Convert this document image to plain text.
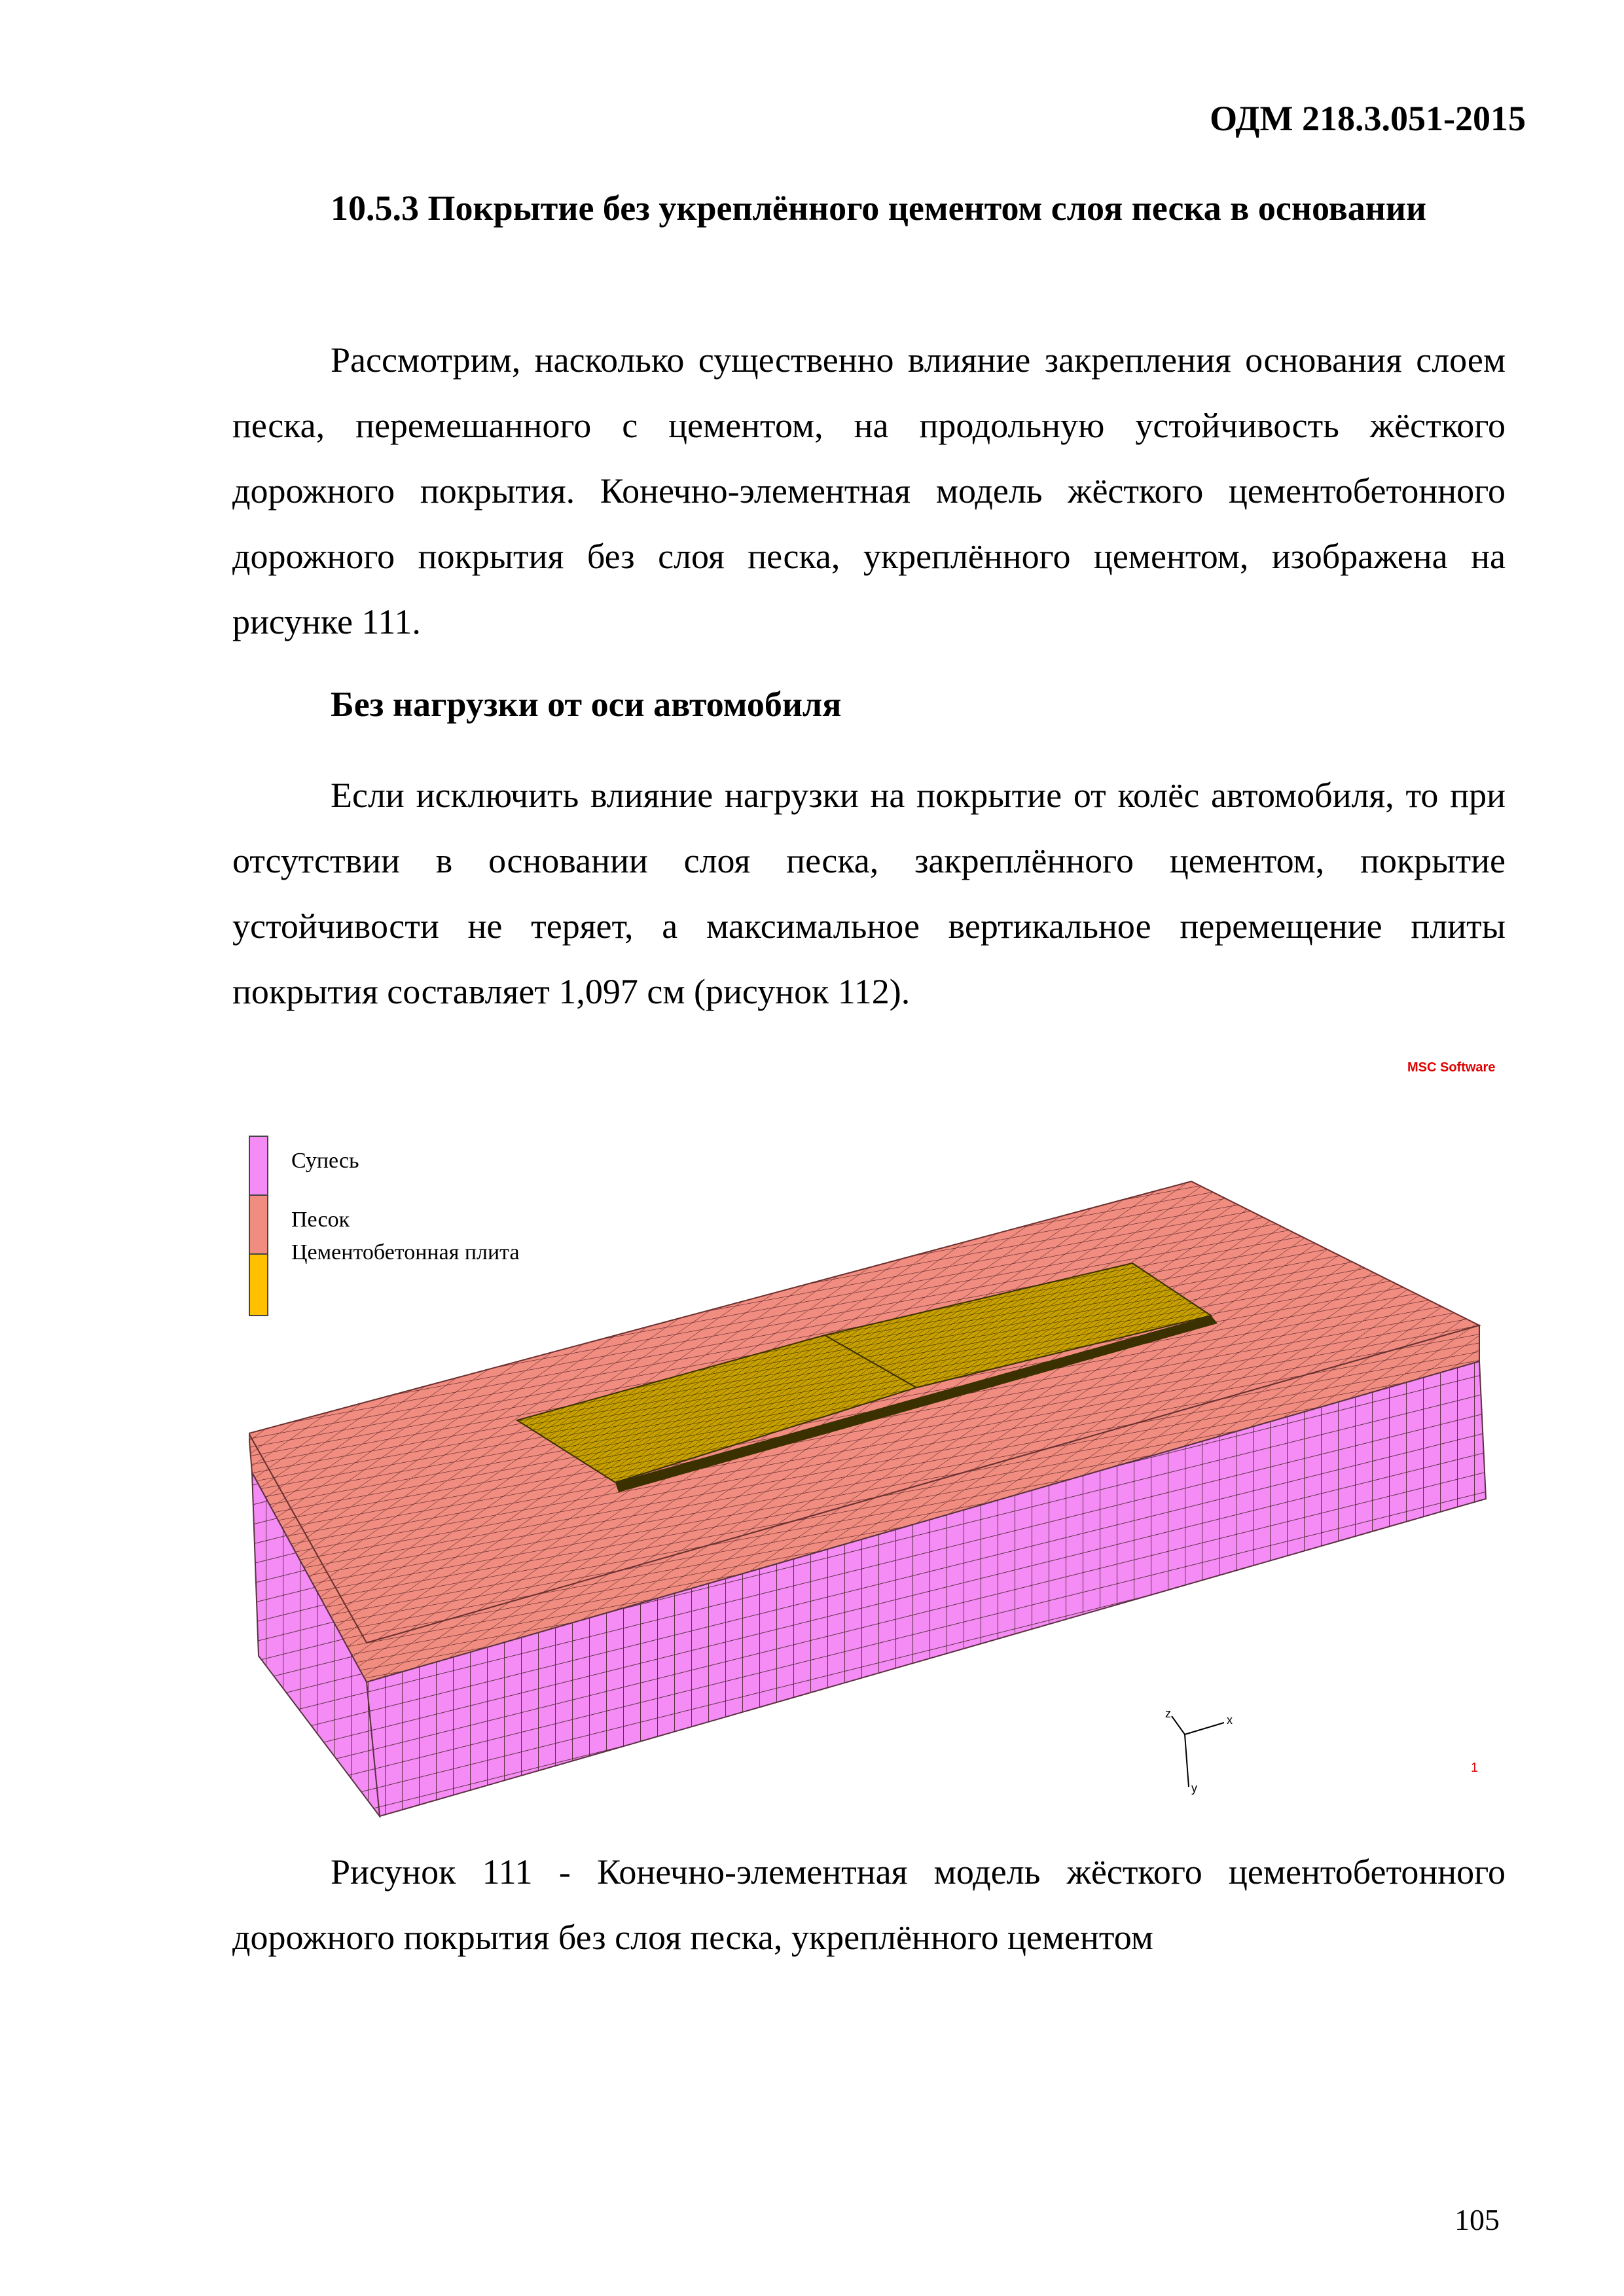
ОДМ 218.3.051-2015

10.5.3 Покрытие без укреплённого цементом слоя песка в основании

Рассмотрим, насколько существенно влияние закрепления основания слоем песка, перемешанного с цементом, на продольную устойчивость жёсткого дорожного покрытия. Конечно-элементная модель жёсткого цементобетонного дорожного покрытия без слоя песка, укреплённого цементом, изображена на рисунке 111.

Без нагрузки от оси автомобиля

Если исключить влияние нагрузки на покрытие от колёс автомобиля, то при отсутствии в основании слоя песка, закреплённого цементом, покрытие устойчивости не теряет, а максимальное вертикальное перемещение плиты покрытия составляет 1,097 см (рисунок 112).

MSC Software
Супесь
Песок
Цементобетонная плита
x
z
y
1

Рисунок 111 - Конечно-элементная модель жёсткого цементобетонного дорожного покрытия без слоя песка, укреплённого цементом

105
